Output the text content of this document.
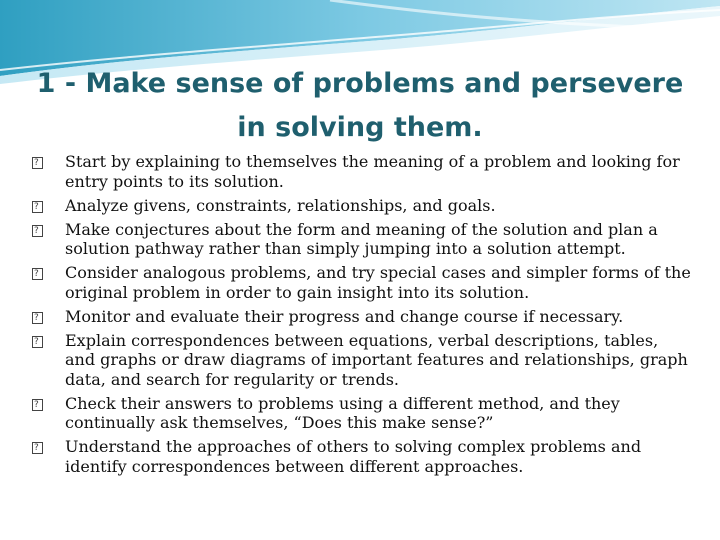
1 - Make sense of problems and persevere
in solving them.
?
Start by explaining to themselves the meaning of a problem and looking for entry points to its solution.
?
Analyze givens, constraints, relationships, and goals.
?
Make conjectures about the form and meaning of the solution and plan a solution pathway rather than simply jumping into a solution attempt.
?
Consider analogous problems, and try special cases and simpler forms of the original problem in order to gain insight into its solution.
?
Monitor and evaluate their progress and change course if necessary.
?
Explain correspondences between equations, verbal descriptions, tables, and graphs or draw diagrams of important features and relationships, graph data, and search for regularity or trends.
?
Check their answers to problems using a different method, and they continually ask themselves, “Does this make sense?”
?
Understand the approaches of others to solving complex problems and identify correspondences between different approaches.
